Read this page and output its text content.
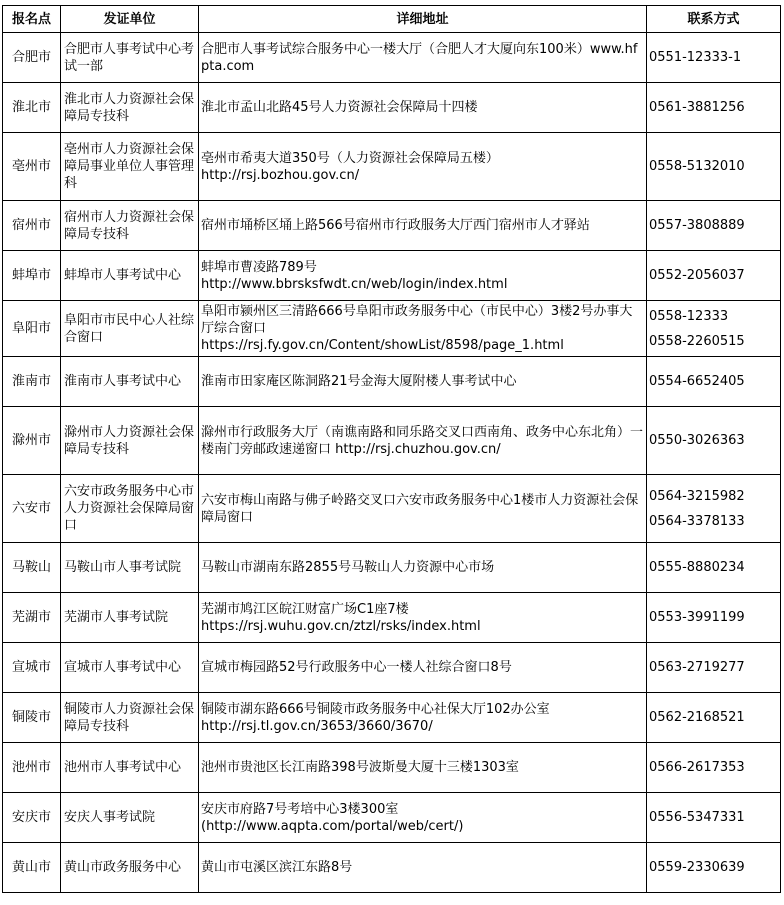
报名点	发证单位	详细地址	联系方式
合肥市	合肥市人事考试中心考试一部	合肥市人事考试综合服务中心一楼大厅（合肥人才大厦向东100米）www.hfpta.com	0551-12333-1

淮北市	淮北市人力资源社会保障局专技科	淮北市孟山北路45号人力资源社会保障局十四楼	0561-3881256

亳州市	亳州市人力资源社会保障局事业单位人事管理科	亳州市希夷大道350号（人力资源社会保障局五楼）
http://rsj.bozhou.gov.cn/	0558-5132010

宿州市	宿州市人力资源社会保障局专技科	宿州市埇桥区埇上路566号宿州市行政服务大厅西门宿州市人才驿站	0557-3808889

蚌埠市	蚌埠市人事考试中心	蚌埠市曹凌路789号
http://www.bbrsksfwdt.cn/web/login/index.html	0552-2056037

阜阳市	阜阳市市民中心人社综合窗口	阜阳市颍州区三清路666号阜阳市政务服务中心（市民中心）3楼2号办事大厅综合窗口
https://rsj.fy.gov.cn/Content/showList/8598/page_1.html	0558-12333
0558-2260515

淮南市	淮南市人事考试中心	淮南市田家庵区陈洞路21号金海大厦附楼人事考试中心	0554-6652405

滁州市	滁州市人力资源社会保障局专技科	滁州市行政服务大厅（南谯南路和同乐路交叉口西南角、政务中心东北角）一楼南门旁邮政速递窗口 http://rsj.chuzhou.gov.cn/	0550-3026363

六安市	六安市政务服务中心市人力资源社会保障局窗口	六安市梅山南路与佛子岭路交叉口六安市政务服务中心1楼市人力资源社会保障局窗口	0564-3215982
0564-3378133

马鞍山	马鞍山市人事考试院	马鞍山市湖南东路2855号马鞍山人力资源中心市场	0555-8880234

芜湖市	芜湖市人事考试院	芜湖市鸠江区皖江财富广场C1座7楼
https://rsj.wuhu.gov.cn/ztzl/rsks/index.html	0553-3991199

宣城市	宣城市人事考试中心	宣城市梅园路52号行政服务中心一楼人社综合窗口8号	0563-2719277

铜陵市	铜陵市人力资源社会保障局专技科	铜陵市湖东路666号铜陵市政务服务中心社保大厅102办公室
http://rsj.tl.gov.cn/3653/3660/3670/	0562-2168521

池州市	池州市人事考试中心	池州市贵池区长江南路398号波斯曼大厦十三楼1303室	0566-2617353

安庆市	安庆人事考试院	安庆市府路7号考培中心3楼300室
(http://www.aqpta.com/portal/web/cert/)	0556-5347331

黄山市	黄山市政务服务中心	黄山市屯溪区滨江东路8号	0559-2330639
